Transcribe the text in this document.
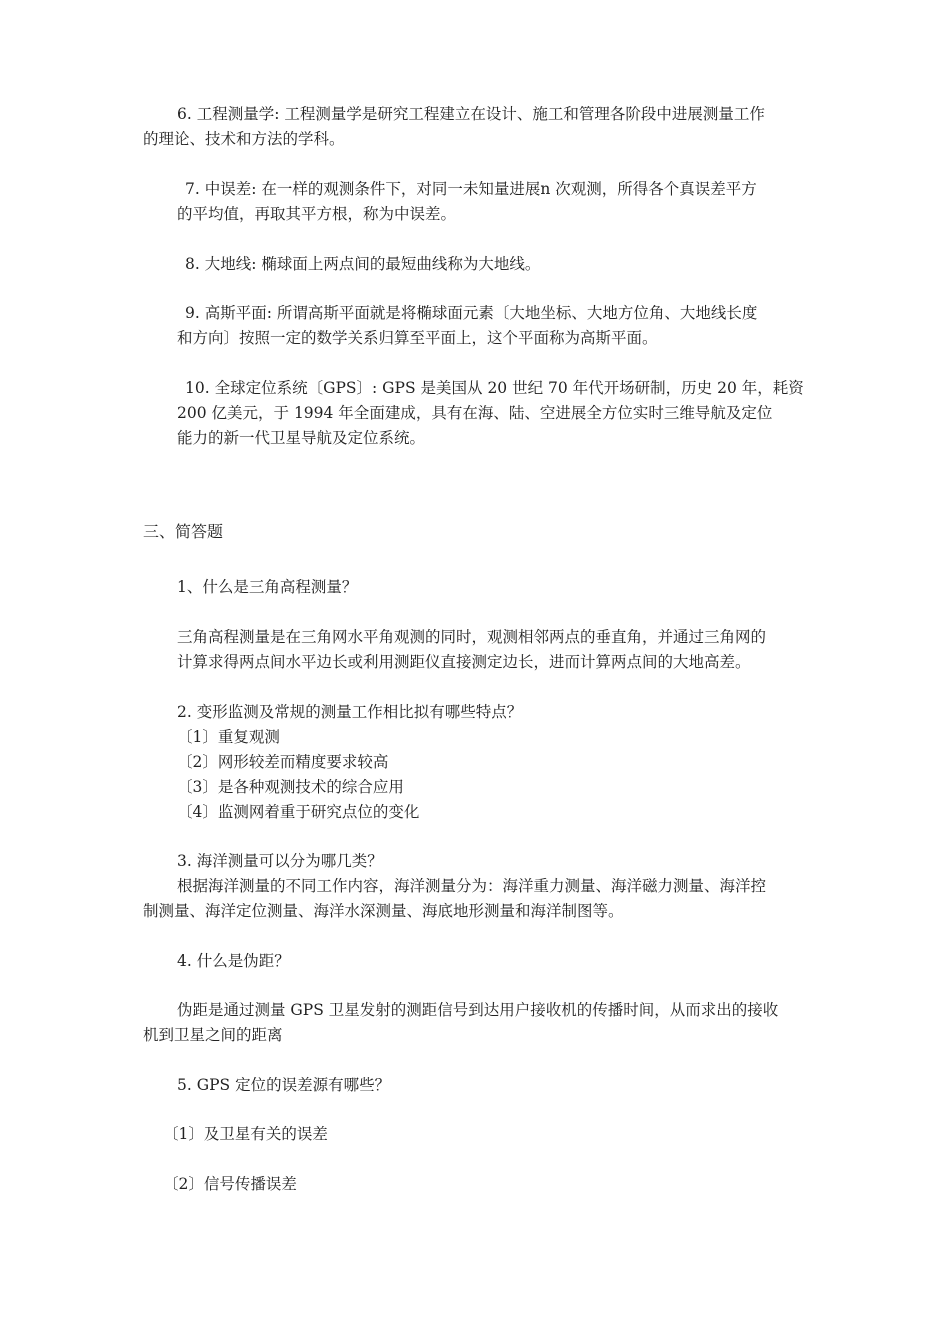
6. 工程测量学: 工程测量学是研究工程建立在设计、施工和管理各阶段中进展测量工作
的理论、技术和方法的学科。
7. 中误差: 在一样的观测条件下，对同一未知量进展n 次观测，所得各个真误差平方
的平均值，再取其平方根，称为中误差。
8. 大地线: 椭球面上两点间的最短曲线称为大地线。
9. 高斯平面: 所谓高斯平面就是将椭球面元素〔大地坐标、大地方位角、大地线长度
和方向〕按照一定的数学关系归算至平面上，这个平面称为高斯平面。
10. 全球定位系统〔GPS〕: GPS 是美国从 20 世纪 70 年代开场研制，历史 20 年，耗资
200 亿美元，于 1994 年全面建成，具有在海、陆、空进展全方位实时三维导航及定位
能力的新一代卫星导航及定位系统。
三、简答题
1、什么是三角高程测量？
三角高程测量是在三角网水平角观测的同时，观测相邻两点的垂直角，并通过三角网的
计算求得两点间水平边长或利用测距仪直接测定边长，进而计算两点间的大地高差。
2. 变形监测及常规的测量工作相比拟有哪些特点？
〔1〕重复观测
〔2〕网形较差而精度要求较高
〔3〕是各种观测技术的综合应用
〔4〕监测网着重于研究点位的变化
3. 海洋测量可以分为哪几类？
根据海洋测量的不同工作内容，海洋测量分为：海洋重力测量、海洋磁力测量、海洋控
制测量、海洋定位测量、海洋水深测量、海底地形测量和海洋制图等。
4. 什么是伪距？
伪距是通过测量 GPS 卫星发射的测距信号到达用户接收机的传播时间，从而求出的接收
机到卫星之间的距离
5. GPS 定位的误差源有哪些？
〔1〕及卫星有关的误差
〔2〕信号传播误差
